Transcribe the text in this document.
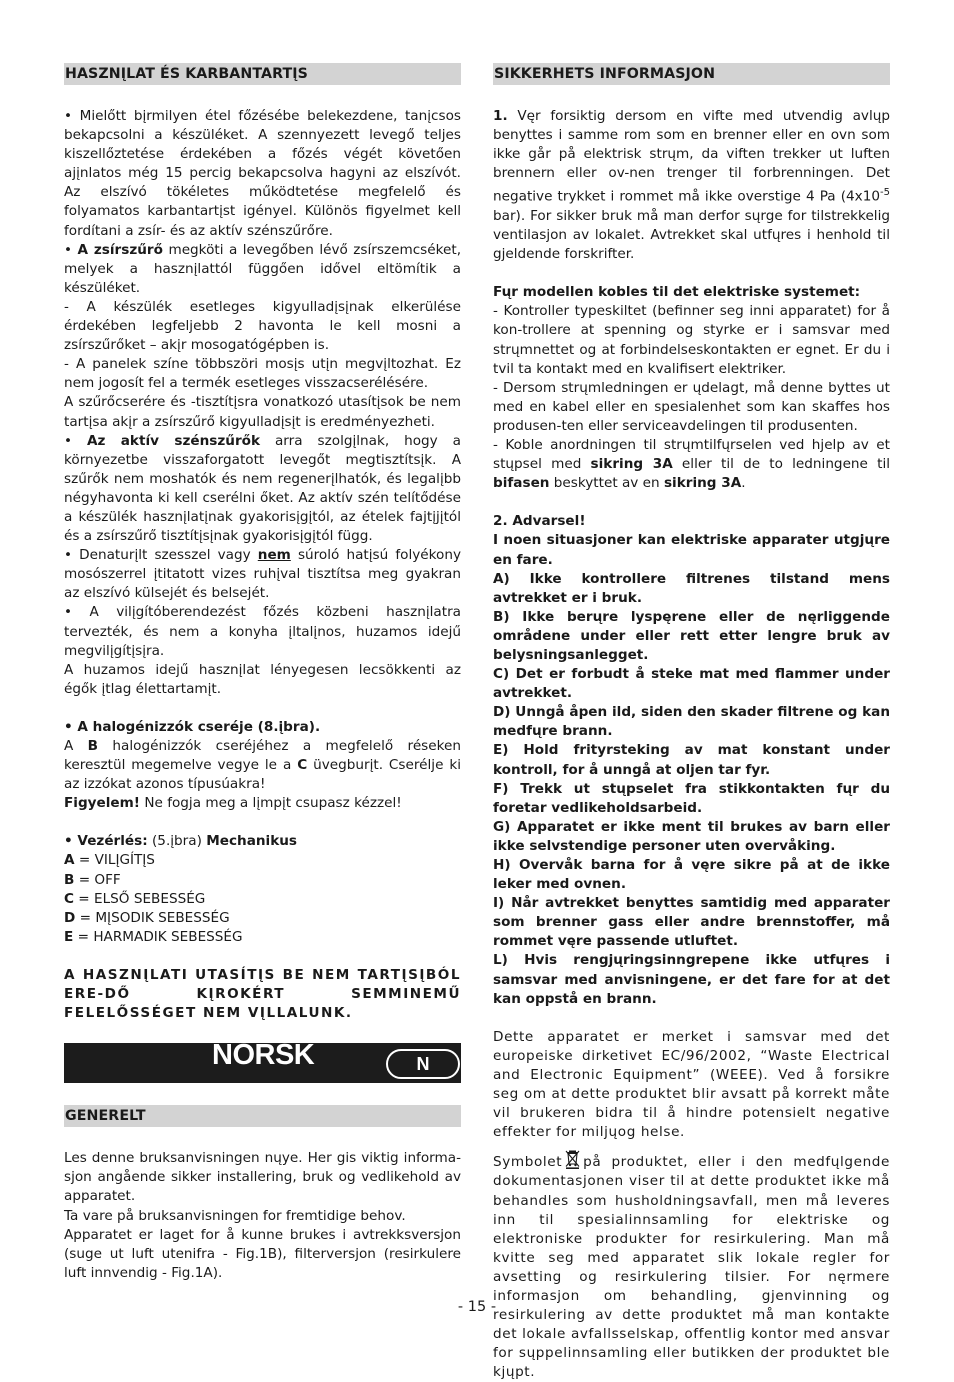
HASZNĮLAT ÉS KARBANTARTĮS

• Mielőtt bįrmilyen étel főzésébe belekezdene, tanįcsos bekapcsolni a készüléket. A szennyezett levegő teljes kiszellőztetése érdekében a főzés végét követően ajįnlatos még 15 percig bekapcsolva hagyni az elszívót. Az elszívó tökéletes működtetése megfelelő és folyamatos karbantartįst igényel. Különös figyelmet kell fordítani a zsír- és az aktív szénszűrőre.

• A zsírszűrő megköti a levegőben lévő zsírszemcséket, melyek a hasznįlattól függően idővel eltömítik a készüléket.

- A készülék esetleges kigyulladįsįnak elkerülése érdekében legfeljebb 2 havonta le kell mosni a zsírszűrőket – akįr mosogatógépben is.

- A panelek színe többszöri mosįs utįn megvįltozhat. Ez nem jogosít fel a termék esetleges visszacserélésére.

A szűrőcserére és -tisztítįsra vonatkozó utasítįsok be nem tartįsa akįr a zsírszűrő kigyulladįsįt is eredményezheti.

• Az aktív szénszűrők arra szolgįlnak, hogy a környezetbe visszaforgatott levegőt megtisztítsįk. A szűrők nem moshatók és nem regenerįlhatók, és legalįbb négyhavonta ki kell cserélni őket. Az aktív szén telítődése a készülék hasznįlatįnak gyakorisįgįtól, az ételek fajtįjįtól és a zsírszűrő tisztítįsįnak gyakorisįgįtól függ.

• Denaturįlt szesszel vagy nem súroló hatįsú folyékony mosószerrel įtitatott vizes ruhįval tisztítsa meg gyakran az elszívó külsejét és belsejét.

• A vilįgítóberendezést főzés közbeni hasznįlatra tervezték, és nem a konyha įltalįnos, huzamos idejű megvilįgítįsįra.

A huzamos idejű hasznįlat lényegesen lecsökkenti az égők įtlag élettartamįt.

• A halogénizzók cseréje (8.įbra).

A B halogénizzók cseréjéhez a megfelelő réseken keresztül megemelve vegye le a C üvegburįt. Cserélje ki az izzókat azonos típusúakra!

Figyelem! Ne fogja meg a lįmpįt csupasz kézzel!

• Vezérlés: (5.įbra) Mechanikus

A = VILĮGÍTĮS

B = OFF

C = ELSŐ SEBESSÉG

D = MĮSODIK SEBESSÉG

E = HARMADIK SEBESSÉG

A HASZNĮLATI UTASÍTĮS BE NEM TARTĮSĮBÓL ERE-DŐ KĮROKÉRT SEMMINEMŰ FELELŐSSÉGET NEM VĮLLALUNK.

NORSK	N
GENERELT

Les denne bruksanvisningen nųye. Her gis viktig informa-sjon angående sikker installering, bruk og vedlikehold av apparatet.

Ta vare på bruksanvisningen for fremtidige behov.

Apparatet er laget for å kunne brukes i avtrekksversjon (suge ut luft utenifra - Fig.1B), filterversjon (resirkulere luft innvendig - Fig.1A).

SIKKERHETS INFORMASJON

1. Vęr forsiktig dersom en vifte med utvendig avlųp benyttes i samme rom som en brenner eller en ovn som ikke går på elektrisk strųm, da viften trekker ut luften brennern eller ov-nen trenger til forbrenningen. Det negative trykket i rommet må ikke overstige 4 Pa ($4x10^{-5}$ bar). For sikker bruk må man derfor sųrge for tilstrekkelig ventilasjon av lokalet. Avtrekket skal utfųres i henhold til gjeldende forskrifter.

Fųr modellen kobles til det elektriske systemet:

- Kontroller typeskiltet (befinner seg inni apparatet) for å kon-trollere at spenning og styrke er i samsvar med strųmnettet og at forbindelseskontakten er egnet. Er du i tvil ta kontakt med en kvalifisert elektriker.

- Dersom strųmledningen er ųdelagt, må denne byttes ut med en kabel eller en spesialenhet som kan skaffes hos produsen-ten eller serviceavdelingen til produsenten.

- Koble anordningen til strųmtilfųrselen ved hjelp av et stųpsel med sikring 3A eller til de to ledningene til bifasen beskyttet av en sikring 3A.

2. Advarsel!

I noen situasjoner kan elektriske apparater utgjųre en fare.

A) Ikke kontrollere filtrenes tilstand mens avtrekket er i bruk.

B) Ikke berųre lyspęrene eller de nęrliggende områdene under eller rett etter lengre bruk av belysningsanlegget.

C) Det er forbudt å steke mat med flammer under avtrekket.

D) Unngå åpen ild, siden den skader filtrene og kan medfųre brann.

E) Hold frityrsteking av mat konstant under kontroll, for å unngå at oljen tar fyr.

F) Trekk ut stųpselet fra stikkontakten fųr du foretar vedlikeholdsarbeid.

G) Apparatet er ikke ment til brukes av barn eller ikke selvstendige personer uten overvåking.

H) Overvåk barna for å vęre sikre på at de ikke leker med ovnen.

I) Når avtrekket benyttes samtidig med apparater som brenner gass eller andre brennstoffer, må rommet vęre passende utluftet.

L) Hvis rengjųringsinngrepene ikke utfųres i samsvar med anvisningene, er det fare for at det kan oppstå en brann.

Dette apparatet er merket i samsvar med det europeiske dirketivet EC/96/2002, “Waste Electrical and Electronic Equipment” (WEEE). Ved å forsikre seg om at dette produktet blir avsatt på korrekt måte vil brukeren bidra til å hindre potensielt negative effekter for miljųog helse.

Symbolet på produktet, eller i den medfųlgende dokumentasjonen viser til at dette produktet ikke må behandles som husholdningsavfall, men må leveres inn til spesialinnsamling for elektriske og elektroniske produkter for resirkulering. Man må kvitte seg med apparatet slik lokale regler for avsetting og resirkulering tilsier. For nęrmere informasjon om behandling, gjenvinning og resirkulering av dette produktet må man kontakte det lokale avfallsselskap, offentlig kontor med ansvar for sųppelinnsamling eller butikken der produktet ble kjųpt.

- 15 -
